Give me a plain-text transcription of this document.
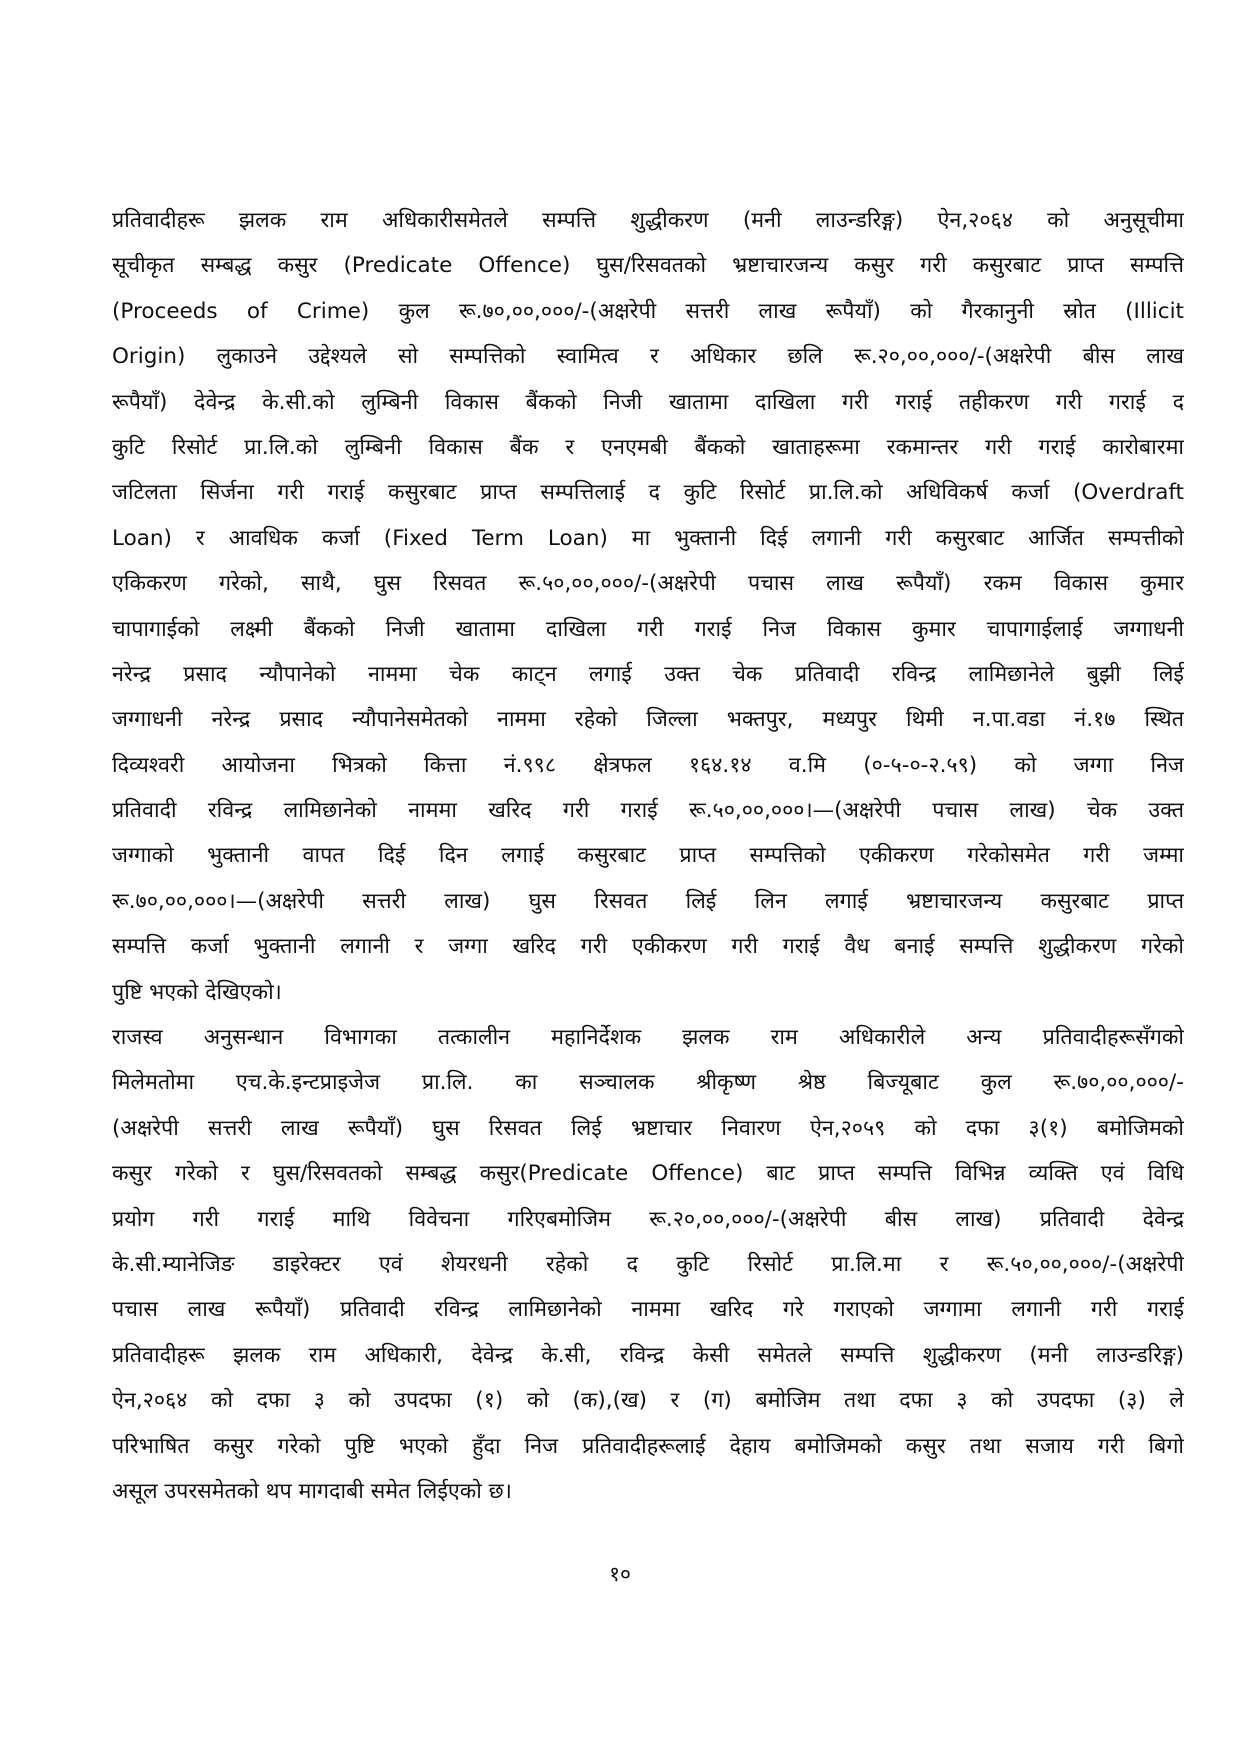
प्रतिवादीहरू झलक राम अधिकारीसमेतले सम्पत्ति शुद्धीकरण (मनी लाउन्डरिङ्ग) ऐन,२०६४ को अनुसूचीमा
सूचीकृत सम्बद्ध कसुर (Predicate Offence) घुस/रिसवतको भ्रष्टाचारजन्य कसुर गरी कसुरबाट प्राप्त सम्पत्ति
(Proceeds of Crime) कुल रू.७०,००,०००/-(अक्षरेपी सत्तरी लाख रूपैयाँ) को गैरकानुनी स्रोत (Illicit
Origin) लुकाउने उद्देश्यले सो सम्पत्तिको स्वामित्व र अधिकार छलि रू.२०,००,०००/-(अक्षरेपी बीस लाख
रूपैयाँ) देवेन्द्र के.सी.को लुम्बिनी विकास बैंकको निजी खातामा दाखिला गरी गराई तहीकरण गरी गराई द
कुटि रिसोर्ट प्रा.लि.को लुम्बिनी विकास बैंक र एनएमबी बैंकको खाताहरूमा रकमान्तर गरी गराई कारोबारमा
जटिलता सिर्जना गरी गराई कसुरबाट प्राप्त सम्पत्तिलाई द कुटि रिसोर्ट प्रा.लि.को अधिविकर्ष कर्जा (Overdraft
Loan) र आवधिक कर्जा (Fixed Term Loan) मा भुक्तानी दिई लगानी गरी कसुरबाट आर्जित सम्पत्तीको
एकिकरण गरेको, साथै, घुस रिसवत रू.५०,००,०००/-(अक्षरेपी पचास लाख रूपैयाँ) रकम विकास कुमार
चापागाईको लक्ष्मी बैंकको निजी खातामा दाखिला गरी गराई निज विकास कुमार चापागाईलाई जग्गाधनी
नरेन्द्र प्रसाद न्यौपानेको नाममा चेक काट्न लगाई उक्त चेक प्रतिवादी रविन्द्र लामिछानेले बुझी लिई
जग्गाधनी नरेन्द्र प्रसाद न्यौपानेसमेतको नाममा रहेको जिल्ला भक्तपुर, मध्यपुर थिमी न.पा.वडा नं.१७ स्थित
दिव्यश्वरी आयोजना भित्रको कित्ता नं.९९८ क्षेत्रफल १६४.१४ व.मि (०-५-०-२.५९) को जग्गा निज
प्रतिवादी रविन्द्र लामिछानेको नाममा खरिद गरी गराई रू.५०,००,०००।—(अक्षरेपी पचास लाख) चेक उक्त
जग्गाको भुक्तानी वापत दिई दिन लगाई कसुरबाट प्राप्त सम्पत्तिको एकीकरण गरेकोसमेत गरी जम्मा
रू.७०,००,०००।—(अक्षरेपी सत्तरी लाख) घुस रिसवत लिई लिन लगाई भ्रष्टाचारजन्य कसुरबाट प्राप्त
सम्पत्ति कर्जा भुक्तानी लगानी र जग्गा खरिद गरी एकीकरण गरी गराई वैध बनाई सम्पत्ति शुद्धीकरण गरेको
पुष्टि भएको देखिएको।
राजस्व अनुसन्धान विभागका तत्कालीन महानिर्देशक झलक राम अधिकारीले अन्य प्रतिवादीहरूसँगको
मिलेमतोमा एच.के.इन्टप्राइजेज प्रा.लि. का सञ्चालक श्रीकृष्ण श्रेष्ठ बिज्यूबाट कुल रू.७०,००,०००/-
(अक्षरेपी सत्तरी लाख रूपैयाँ) घुस रिसवत लिई भ्रष्टाचार निवारण ऐन,२०५९ को दफा ३(१) बमोजिमको
कसुर गरेको र घुस/रिसवतको सम्बद्ध कसुर(Predicate Offence) बाट प्राप्त सम्पत्ति विभिन्न व्यक्ति एवं विधि
प्रयोग गरी गराई माथि विवेचना गरिएबमोजिम रू.२०,००,०००/-(अक्षरेपी बीस लाख) प्रतिवादी देवेन्द्र
के.सी.म्यानेजिङ डाइरेक्टर एवं शेयरधनी रहेको द कुटि रिसोर्ट प्रा.लि.मा र रू.५०,००,०००/-(अक्षरेपी
पचास लाख रूपैयाँ) प्रतिवादी रविन्द्र लामिछानेको नाममा खरिद गरे गराएको जग्गामा लगानी गरी गराई
प्रतिवादीहरू झलक राम अधिकारी, देवेन्द्र के.सी, रविन्द्र केसी समेतले सम्पत्ति शुद्धीकरण (मनी लाउन्डरिङ्ग)
ऐन,२०६४ को दफा ३ को उपदफा (१) को (क),(ख) र (ग) बमोजिम तथा दफा ३ को उपदफा (३) ले
परिभाषित कसुर गरेको पुष्टि भएको हुँदा निज प्रतिवादीहरूलाई देहाय बमोजिमको कसुर तथा सजाय गरी बिगो
असूल उपरसमेतको थप मागदाबी समेत लिईएको छ।
१०
